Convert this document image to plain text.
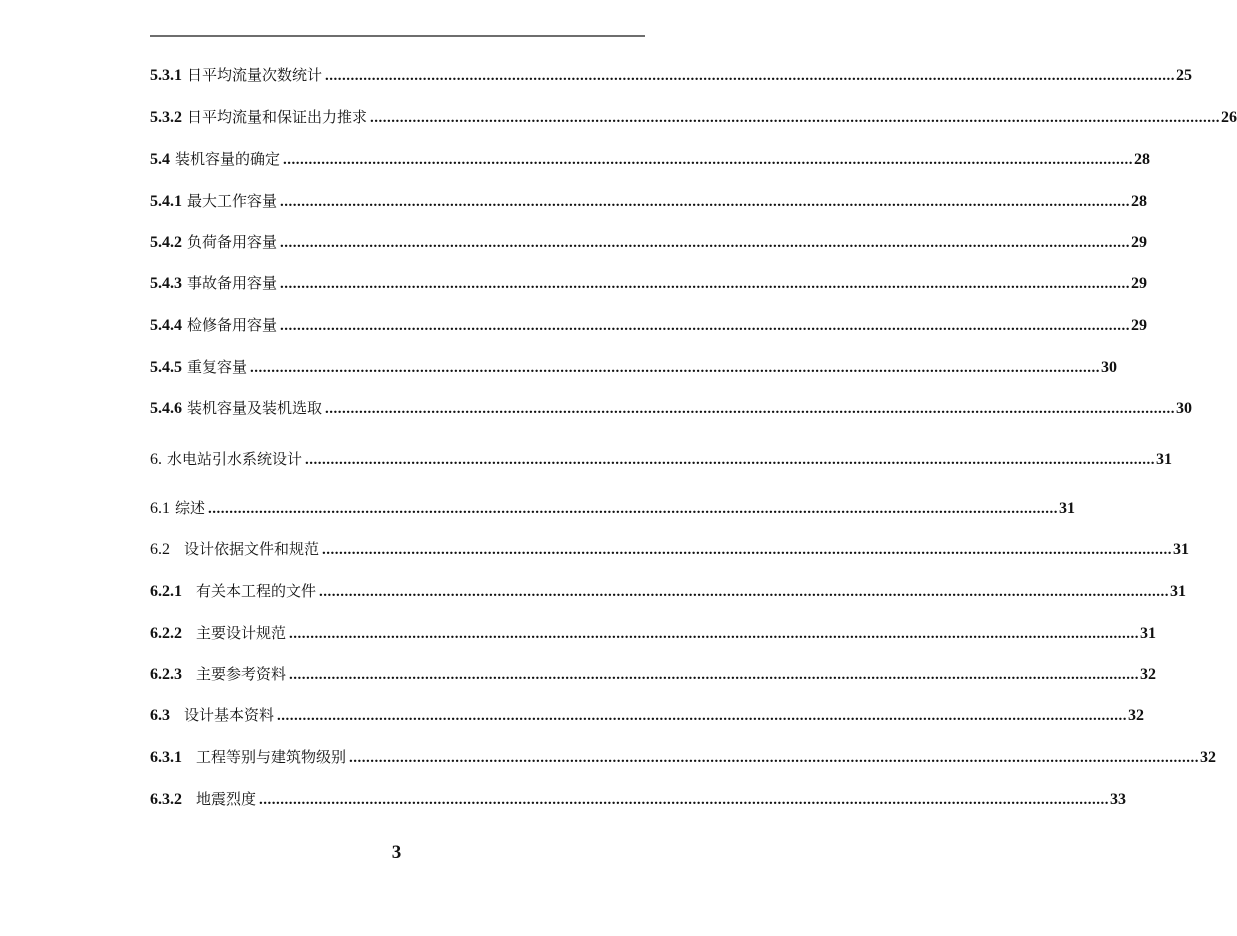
5.3.1 日平均流量次数统计 ........................................................................................................................................................................................................ 25
5.3.2 日平均流量和保证出力推求 ........................................................................................................................................................................................................ 26
5.4 装机容量的确定 ........................................................................................................................................................................................................ 28
5.4.1 最大工作容量 ........................................................................................................................................................................................................ 28
5.4.2 负荷备用容量 ........................................................................................................................................................................................................ 29
5.4.3 事故备用容量 ........................................................................................................................................................................................................ 29
5.4.4 检修备用容量 ........................................................................................................................................................................................................ 29
5.4.5 重复容量 ........................................................................................................................................................................................................ 30
5.4.6 装机容量及装机选取 ........................................................................................................................................................................................................ 30
6. 水电站引水系统设计 ........................................................................................................................................................................................................ 31
6.1 综述 ........................................................................................................................................................................................................ 31
6.2 设计依据文件和规范 ........................................................................................................................................................................................................ 31
6.2.1 有关本工程的文件 ........................................................................................................................................................................................................ 31
6.2.2 主要设计规范 ........................................................................................................................................................................................................ 31
6.2.3 主要参考资料 ........................................................................................................................................................................................................ 32
6.3 设计基本资料 ........................................................................................................................................................................................................ 32
6.3.1 工程等别与建筑物级别 ........................................................................................................................................................................................................ 32
6.3.2 地震烈度 ........................................................................................................................................................................................................ 33
3
